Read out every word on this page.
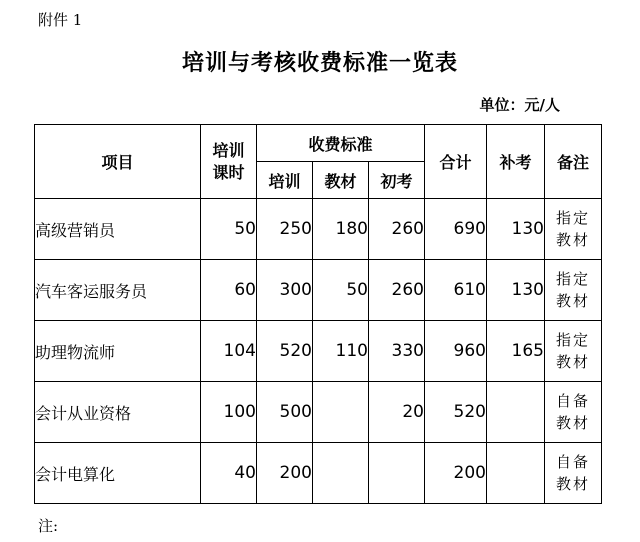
附件 1
培训与考核收费标准一览表
单位：元/人
项目	培训课时	收费标准			合计	补考	备注
		培训	教材	初考			
高级营销员	50	250	180	260	690	130	指定教材
汽车客运服务员	60	300	50	260	610	130	指定教材
助理物流师	104	520	110	330	960	165	指定教材
会计从业资格	100	500		20	520		自备教材
会计电算化	40	200			200		自备教材
注:
